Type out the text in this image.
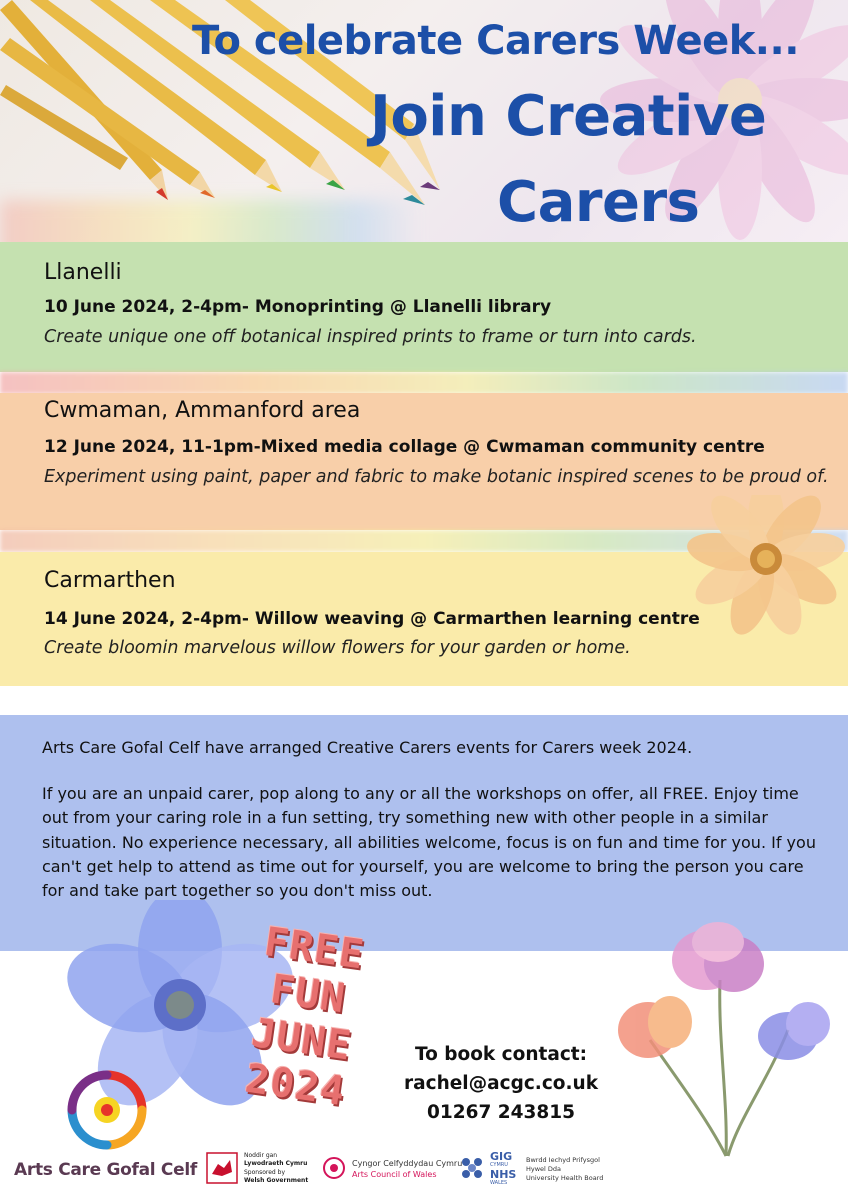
To celebrate Carers Week...
Join Creative
Carers

Llanelli

10 June 2024, 2-4pm- Monoprinting @ Llanelli library

Create unique one off botanical inspired prints to frame or turn into cards.

Cwmaman, Ammanford area

12 June 2024, 11-1pm-Mixed media collage @ Cwmaman community centre

Experiment using paint, paper and fabric to make botanic inspired scenes to be proud of.

Carmarthen

14 June 2024, 2-4pm- Willow weaving @ Carmarthen learning centre

Create bloomin marvelous willow flowers for your garden or home.

Arts Care Gofal Celf have arranged Creative Carers events for Carers week 2024.

If you are an unpaid carer, pop along to any or all the workshops on offer, all FREE. Enjoy time out from your caring role in a fun setting, try something new with other people in a similar situation. No experience necessary, all abilities welcome, focus is on fun and time for you. If you can't get help to attend as time out for yourself, you are welcome to bring the person you care for and take part together so you don't miss out.

FREE
FUN
JUNE
2024
To book contact:
rachel@acgc.co.uk
01267 243815

Arts Care Gofal Celf

Noddir gan

Lywodraeth Cymru

Sponsored by

Welsh Government

Cyngor Celfyddydau Cymru

Arts Council of Wales

GIG

CYMRU

NHS

WALES

Bwrdd Iechyd Prifysgol

Hywel Dda

University Health Board
